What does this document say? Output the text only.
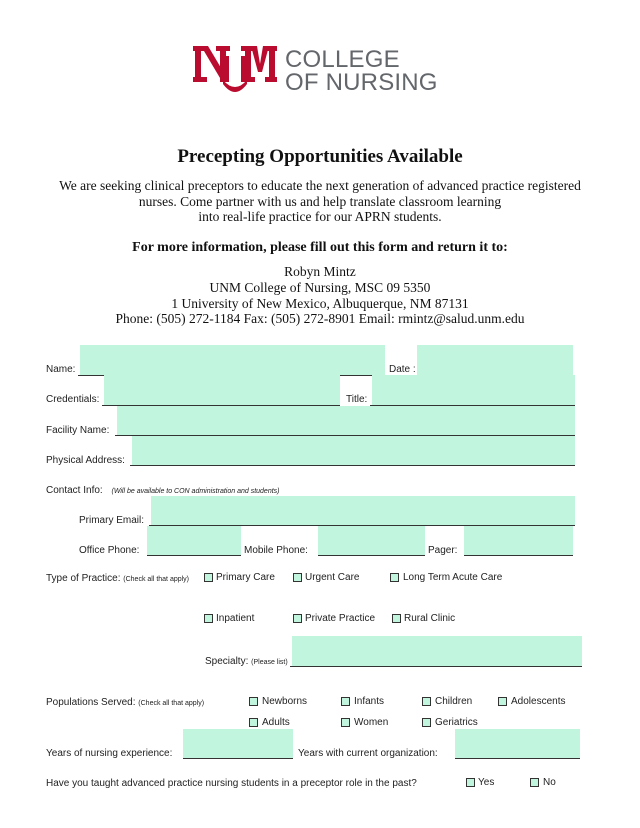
COLLEGE
OF NURSING
Precepting Opportunities Available
We are seeking clinical preceptors to educate the next generation of advanced practice registered
nurses. Come partner with us and help translate classroom learning
into real-life practice for our APRN students.
For more information, please fill out this form and return it to:
Robyn Mintz
UNM College of Nursing, MSC 09 5350
1 University of New Mexico, Albuquerque, NM 87131
Phone: (505) 272-1184 Fax: (505) 272-8901 Email: rmintz@salud.unm.edu
Name:	Date :
Credentials:	Title:
Facility Name:
Physical Address:
Contact Info: (Will be available to CON administration and students)
Primary Email:
Office Phone:	Mobile Phone:	Pager:
Type of Practice: (Check all that apply)	Primary Care	Urgent Care	Long Term Acute Care
Inpatient	Private Practice	Rural Clinic
Specialty: (Please list)
Populations Served: (Check all that apply)	Newborns	Infants	Children	Adolescents
Adults	Women	Geriatrics
Years of nursing experience:	Years with current organization:
Have you taught advanced practice nursing students in a preceptor role in the past?	Yes	No
